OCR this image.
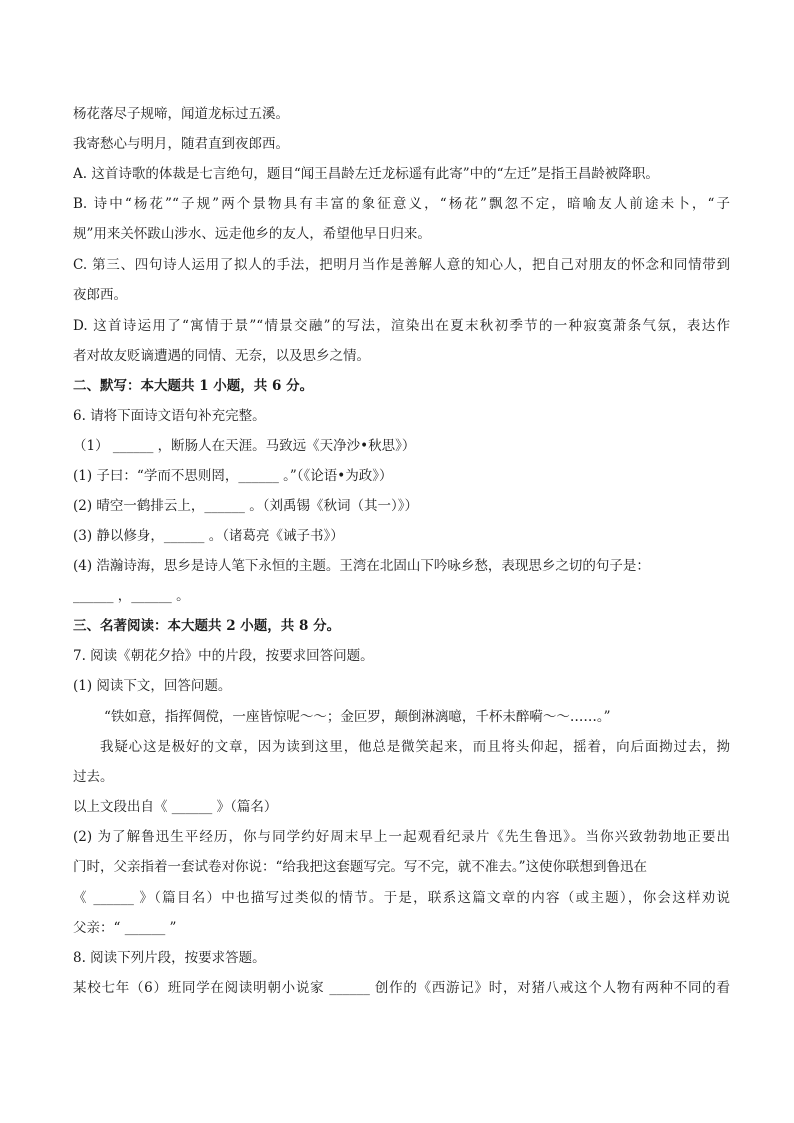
杨花落尽子规啼，闻道龙标过五溪。
我寄愁心与明月，随君直到夜郎西。
A. 这首诗歌的体裁是七言绝句，题目“闻王昌龄左迁龙标遥有此寄”中的“左迁”是指王昌龄被降职。
B. 诗中“杨花”“子规”两个景物具有丰富的象征意义，“杨花”飘忽不定，暗喻友人前途未卜，“子
规”用来关怀跋山涉水、远走他乡的友人，希望他早日归来。
C. 第三、四句诗人运用了拟人的手法，把明月当作是善解人意的知心人，把自己对朋友的怀念和同情带到
夜郎西。
D. 这首诗运用了“寓情于景”“情景交融”的写法，渲染出在夏末秋初季节的一种寂寞萧条气氛，表达作
者对故友贬谪遭遇的同情、无奈，以及思乡之情。
二、默写：本大题共 1 小题，共 6 分。
6. 请将下面诗文语句补充完整。
（1） ______ ，断肠人在天涯。马致远《天净沙•秋思》）
(1) 子曰：“学而不思则罔，______ 。”（《论语•为政》）
(2) 晴空一鹤排云上，______ 。（刘禹锡《秋词（其一）》）
(3) 静以修身，______ 。（诸葛亮《诫子书》）
(4) 浩瀚诗海，思乡是诗人笔下永恒的主题。王湾在北固山下吟咏乡愁，表现思乡之切的句子是：
______ ，______ 。
三、名著阅读：本大题共 2 小题，共 8 分。
7. 阅读《朝花夕拾》中的片段，按要求回答问题。
(1) 阅读下文，回答问题。
“铁如意，指挥倜傥，一座皆惊呢～～；金叵罗，颠倒淋漓噫，千杯未醉嗬～～……。”
我疑心这是极好的文章，因为读到这里，他总是微笑起来，而且将头仰起，摇着，向后面拗过去，拗
过去。
以上文段出自《 ______ 》（篇名）
(2) 为了解鲁迅生平经历，你与同学约好周末早上一起观看纪录片《先生鲁迅》。当你兴致勃勃地正要出
门时，父亲指着一套试卷对你说：“给我把这套题写完。写不完，就不准去。”这使你联想到鲁迅在
《 ______ 》（篇目名）中也描写过类似的情节。于是，联系这篇文章的内容（或主题），你会这样劝说
父亲：“ ______ ”
8. 阅读下列片段，按要求答题。
某校七年（6）班同学在阅读明朝小说家 ______ 创作的《西游记》时，对猪八戒这个人物有两种不同的看
